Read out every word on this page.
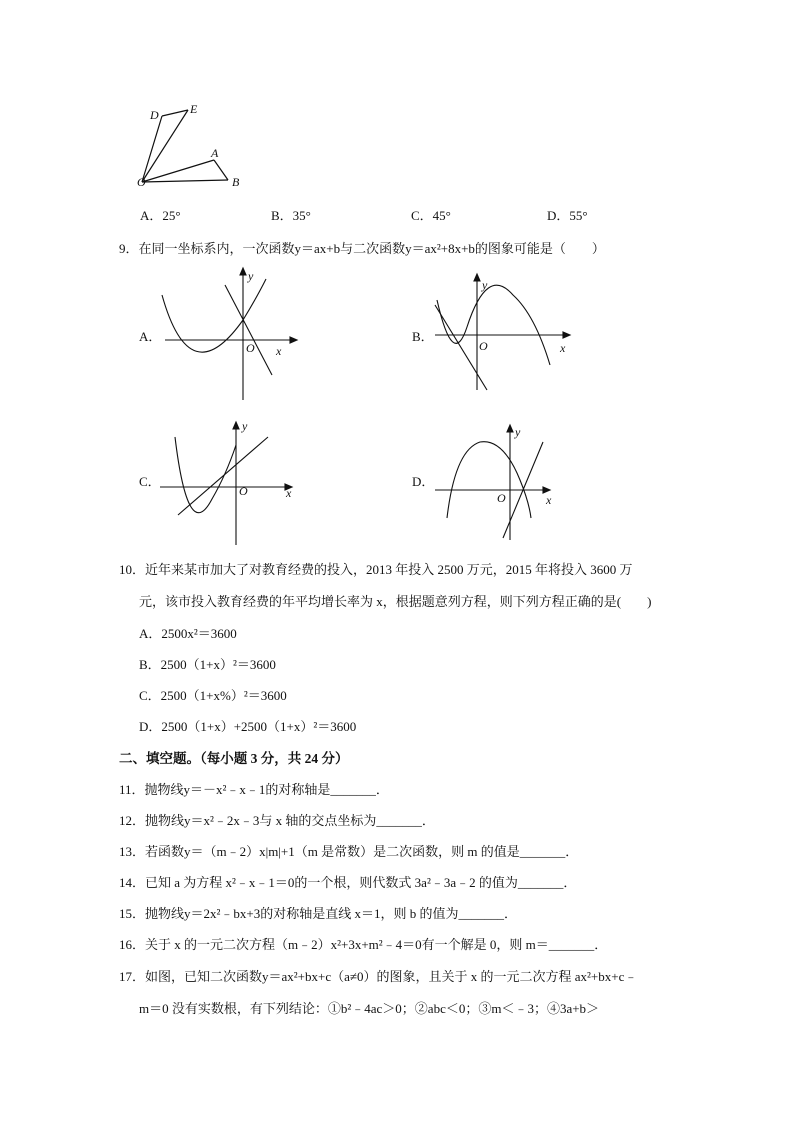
D	E
A
O	B
A．25°	B．35°	C．45°	D．55°
9．在同一坐标系内，一次函数y＝ax+b与二次函数y＝ax²+8x+b的图象可能是（　　）
A．
y
O x
B．
y
O	x
C．
y
O	x
D．
y
O	x
10．近年来某市加大了对教育经费的投入，2013 年投入 2500 万元，2015 年将投入 3600 万
元，该市投入教育经费的年平均增长率为 x，根据题意列方程，则下列方程正确的是(　　)
A．2500x²＝3600
B．2500（1+x）²＝3600
C．2500（1+x%）²＝3600
D．2500（1+x）+2500（1+x）²＝3600
二、填空题。（每小题 3 分，共 24 分）
11．抛物线y＝－x²﹣x﹣1的对称轴是_______．
12．抛物线y＝x²﹣2x﹣3与 x 轴的交点坐标为_______．
13．若函数y＝（m﹣2）x|m|+1（m 是常数）是二次函数，则 m 的值是_______．
14．已知 a 为方程 x²﹣x﹣1＝0的一个根，则代数式 3a²﹣3a﹣2 的值为_______．
15．抛物线y＝2x²﹣bx+3的对称轴是直线 x＝1，则 b 的值为_______．
16．关于 x 的一元二次方程（m﹣2）x²+3x+m²﹣4＝0有一个解是 0，则 m＝_______．
17．如图，已知二次函数y＝ax²+bx+c（a≠0）的图象，且关于 x 的一元二次方程 ax²+bx+c﹣
m＝0 没有实数根，有下列结论：①b²﹣4ac＞0；②abc＜0；③m＜﹣3；④3a+b＞
